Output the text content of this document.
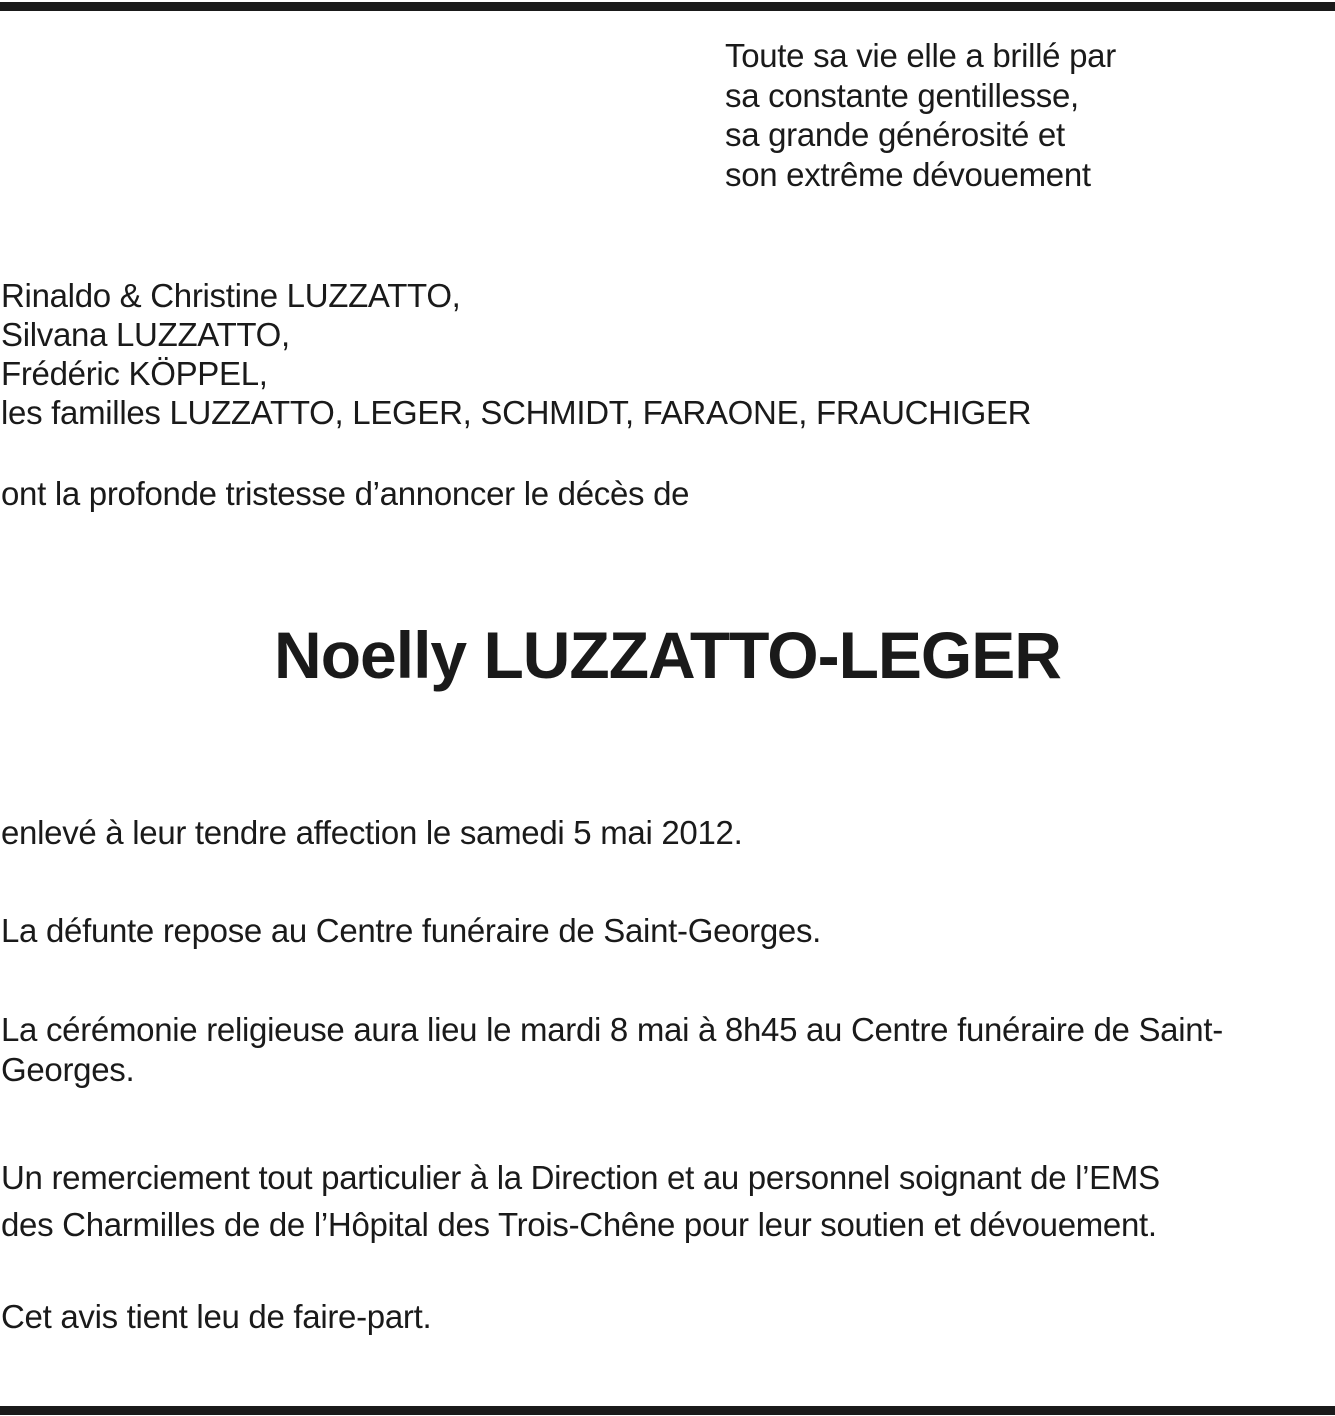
Toute sa vie elle a brillé par
sa constante gentillesse,
sa grande générosité et
son extrême dévouement
Rinaldo & Christine LUZZATTO,
Silvana LUZZATTO,
Frédéric KÖPPEL,
les familles LUZZATTO, LEGER, SCHMIDT, FARAONE, FRAUCHIGER
ont la profonde tristesse d’annoncer le décès de
Noelly LUZZATTO-LEGER
enlevé à leur tendre affection le samedi 5 mai 2012.
La défunte repose au Centre funéraire de Saint-Georges.
La cérémonie religieuse aura lieu le mardi 8 mai à 8h45 au Centre funéraire de Saint-
Georges.
Un remerciement tout particulier à la Direction et au personnel soignant de l’EMS
des Charmilles de de l’Hôpital des Trois-Chêne pour leur soutien et dévouement.
Cet avis tient leu de faire-part.
